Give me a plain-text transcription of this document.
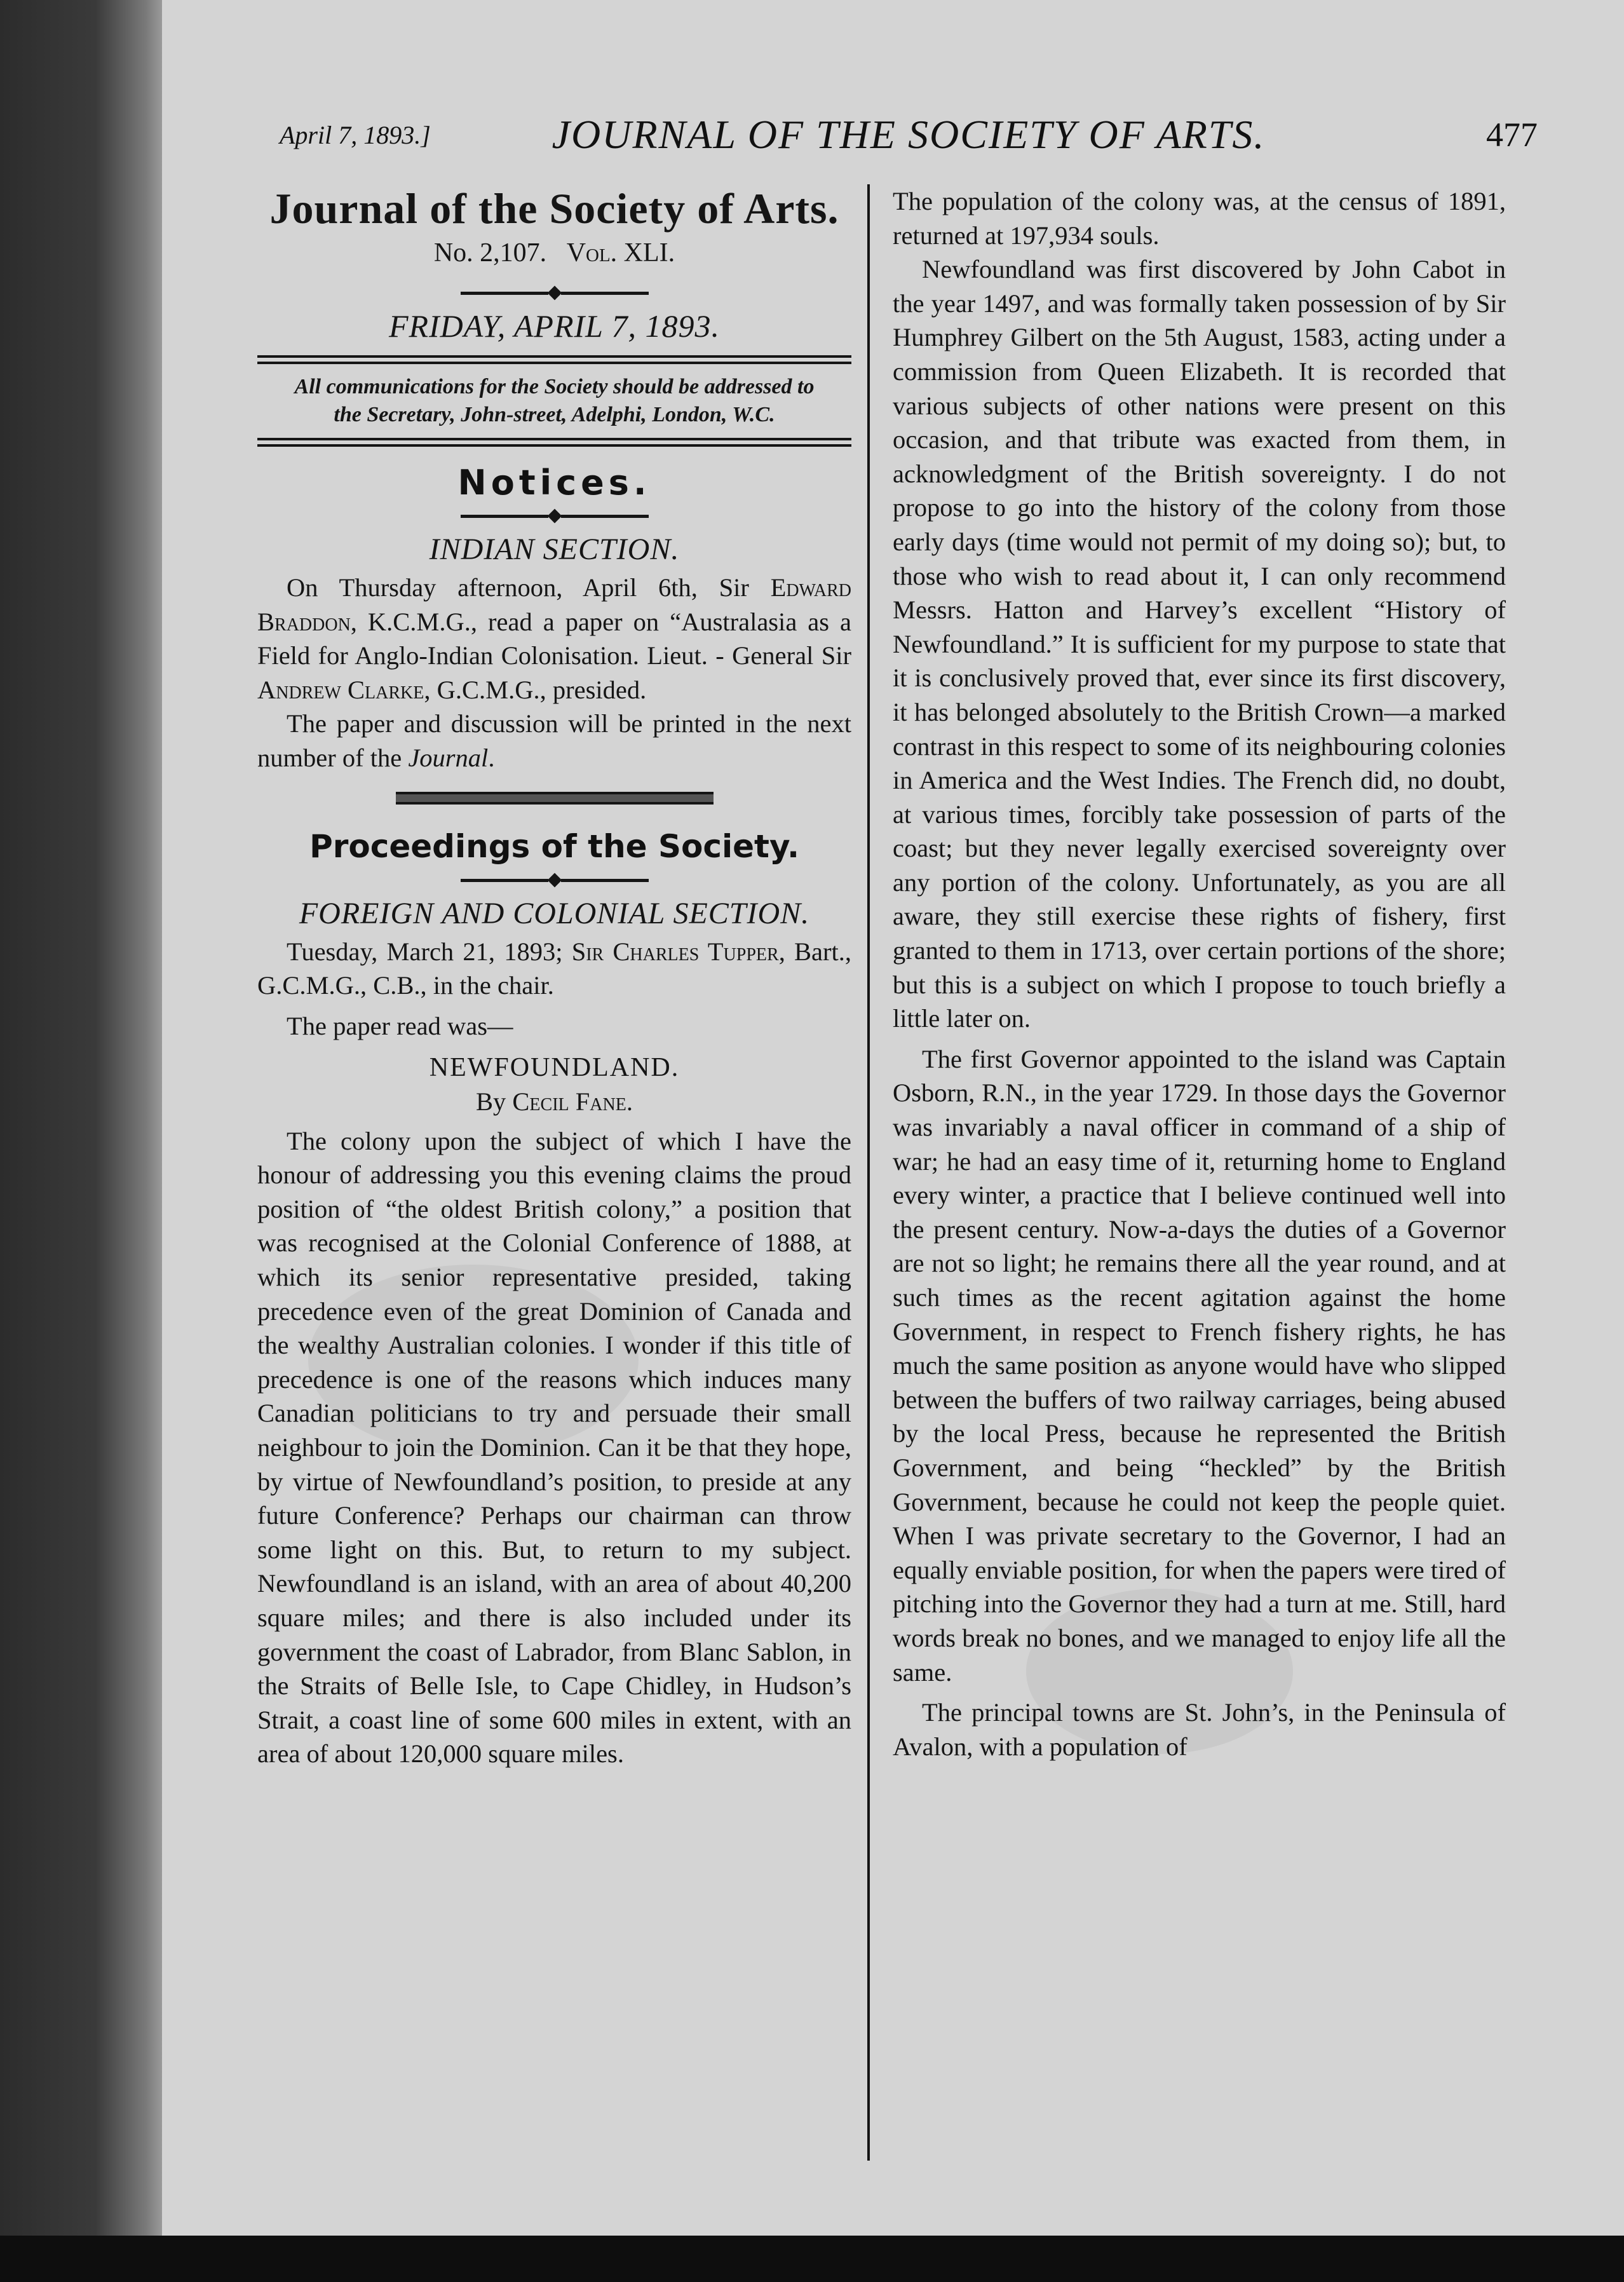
April 7, 1893.]	JOURNAL OF THE SOCIETY OF ARTS.	477
Journal of the Society of Arts.
No. 2,107. Vol. XLI.
FRIDAY, APRIL 7, 1893.
All communications for the Society should be addressed to
the Secretary, John-street, Adelphi, London, W.C.
Notices.
INDIAN SECTION.

On Thursday afternoon, April 6th, Sir Edward Braddon, K.C.M.G., read a paper on “Australasia as a Field for Anglo-Indian Colonisation. Lieut. - General Sir Andrew Clarke, G.C.M.G., presided.

The paper and discussion will be printed in the next number of the Journal.

Proceedings of the Society.
FOREIGN AND COLONIAL SECTION.

Tuesday, March 21, 1893; Sir Charles Tupper, Bart., G.C.M.G., C.B., in the chair.

The paper read was—

NEWFOUNDLAND.
By Cecil Fane.

The colony upon the subject of which I have the honour of addressing you this evening claims the proud position of “the oldest British colony,” a position that was recognised at the Colonial Conference of 1888, at which its senior representative presided, taking precedence even of the great Dominion of Canada and the wealthy Australian colonies. I wonder if this title of precedence is one of the reasons which induces many Canadian politicians to try and persuade their small neighbour to join the Dominion. Can it be that they hope, by virtue of Newfoundland’s position, to preside at any future Conference? Perhaps our chairman can throw some light on this. But, to return to my subject. Newfoundland is an island, with an area of about 40,200 square miles; and there is also included under its government the coast of Labrador, from Blanc Sablon, in the Straits of Belle Isle, to Cape Chidley, in Hudson’s Strait, a coast line of some 600 miles in extent, with an area of about 120,000 square miles.

The population of the colony was, at the census of 1891, returned at 197,934 souls.

Newfoundland was first discovered by John Cabot in the year 1497, and was formally taken possession of by Sir Humphrey Gilbert on the 5th August, 1583, acting under a commission from Queen Elizabeth. It is recorded that various subjects of other nations were present on this occasion, and that tribute was exacted from them, in acknowledgment of the British sovereignty. I do not propose to go into the history of the colony from those early days (time would not permit of my doing so); but, to those who wish to read about it, I can only recommend Messrs. Hatton and Harvey’s excellent “History of Newfoundland.” It is sufficient for my purpose to state that it is conclusively proved that, ever since its first discovery, it has belonged absolutely to the British Crown—a marked contrast in this respect to some of its neighbouring colonies in America and the West Indies. The French did, no doubt, at various times, forcibly take possession of parts of the coast; but they never legally exercised sovereignty over any portion of the colony. Unfortunately, as you are all aware, they still exercise these rights of fishery, first granted to them in 1713, over certain portions of the shore; but this is a subject on which I propose to touch briefly a little later on.

The first Governor appointed to the island was Captain Osborn, R.N., in the year 1729. In those days the Governor was invariably a naval officer in command of a ship of war; he had an easy time of it, returning home to England every winter, a practice that I believe continued well into the present century. Now-a-days the duties of a Governor are not so light; he remains there all the year round, and at such times as the recent agitation against the home Government, in respect to French fishery rights, he has much the same position as anyone would have who slipped between the buffers of two railway carriages, being abused by the local Press, because he represented the British Government, and being “heckled” by the British Government, because he could not keep the people quiet. When I was private secretary to the Governor, I had an equally enviable position, for when the papers were tired of pitching into the Governor they had a turn at me. Still, hard words break no bones, and we managed to enjoy life all the same.

The principal towns are St. John’s, in the Peninsula of Avalon, with a population of
